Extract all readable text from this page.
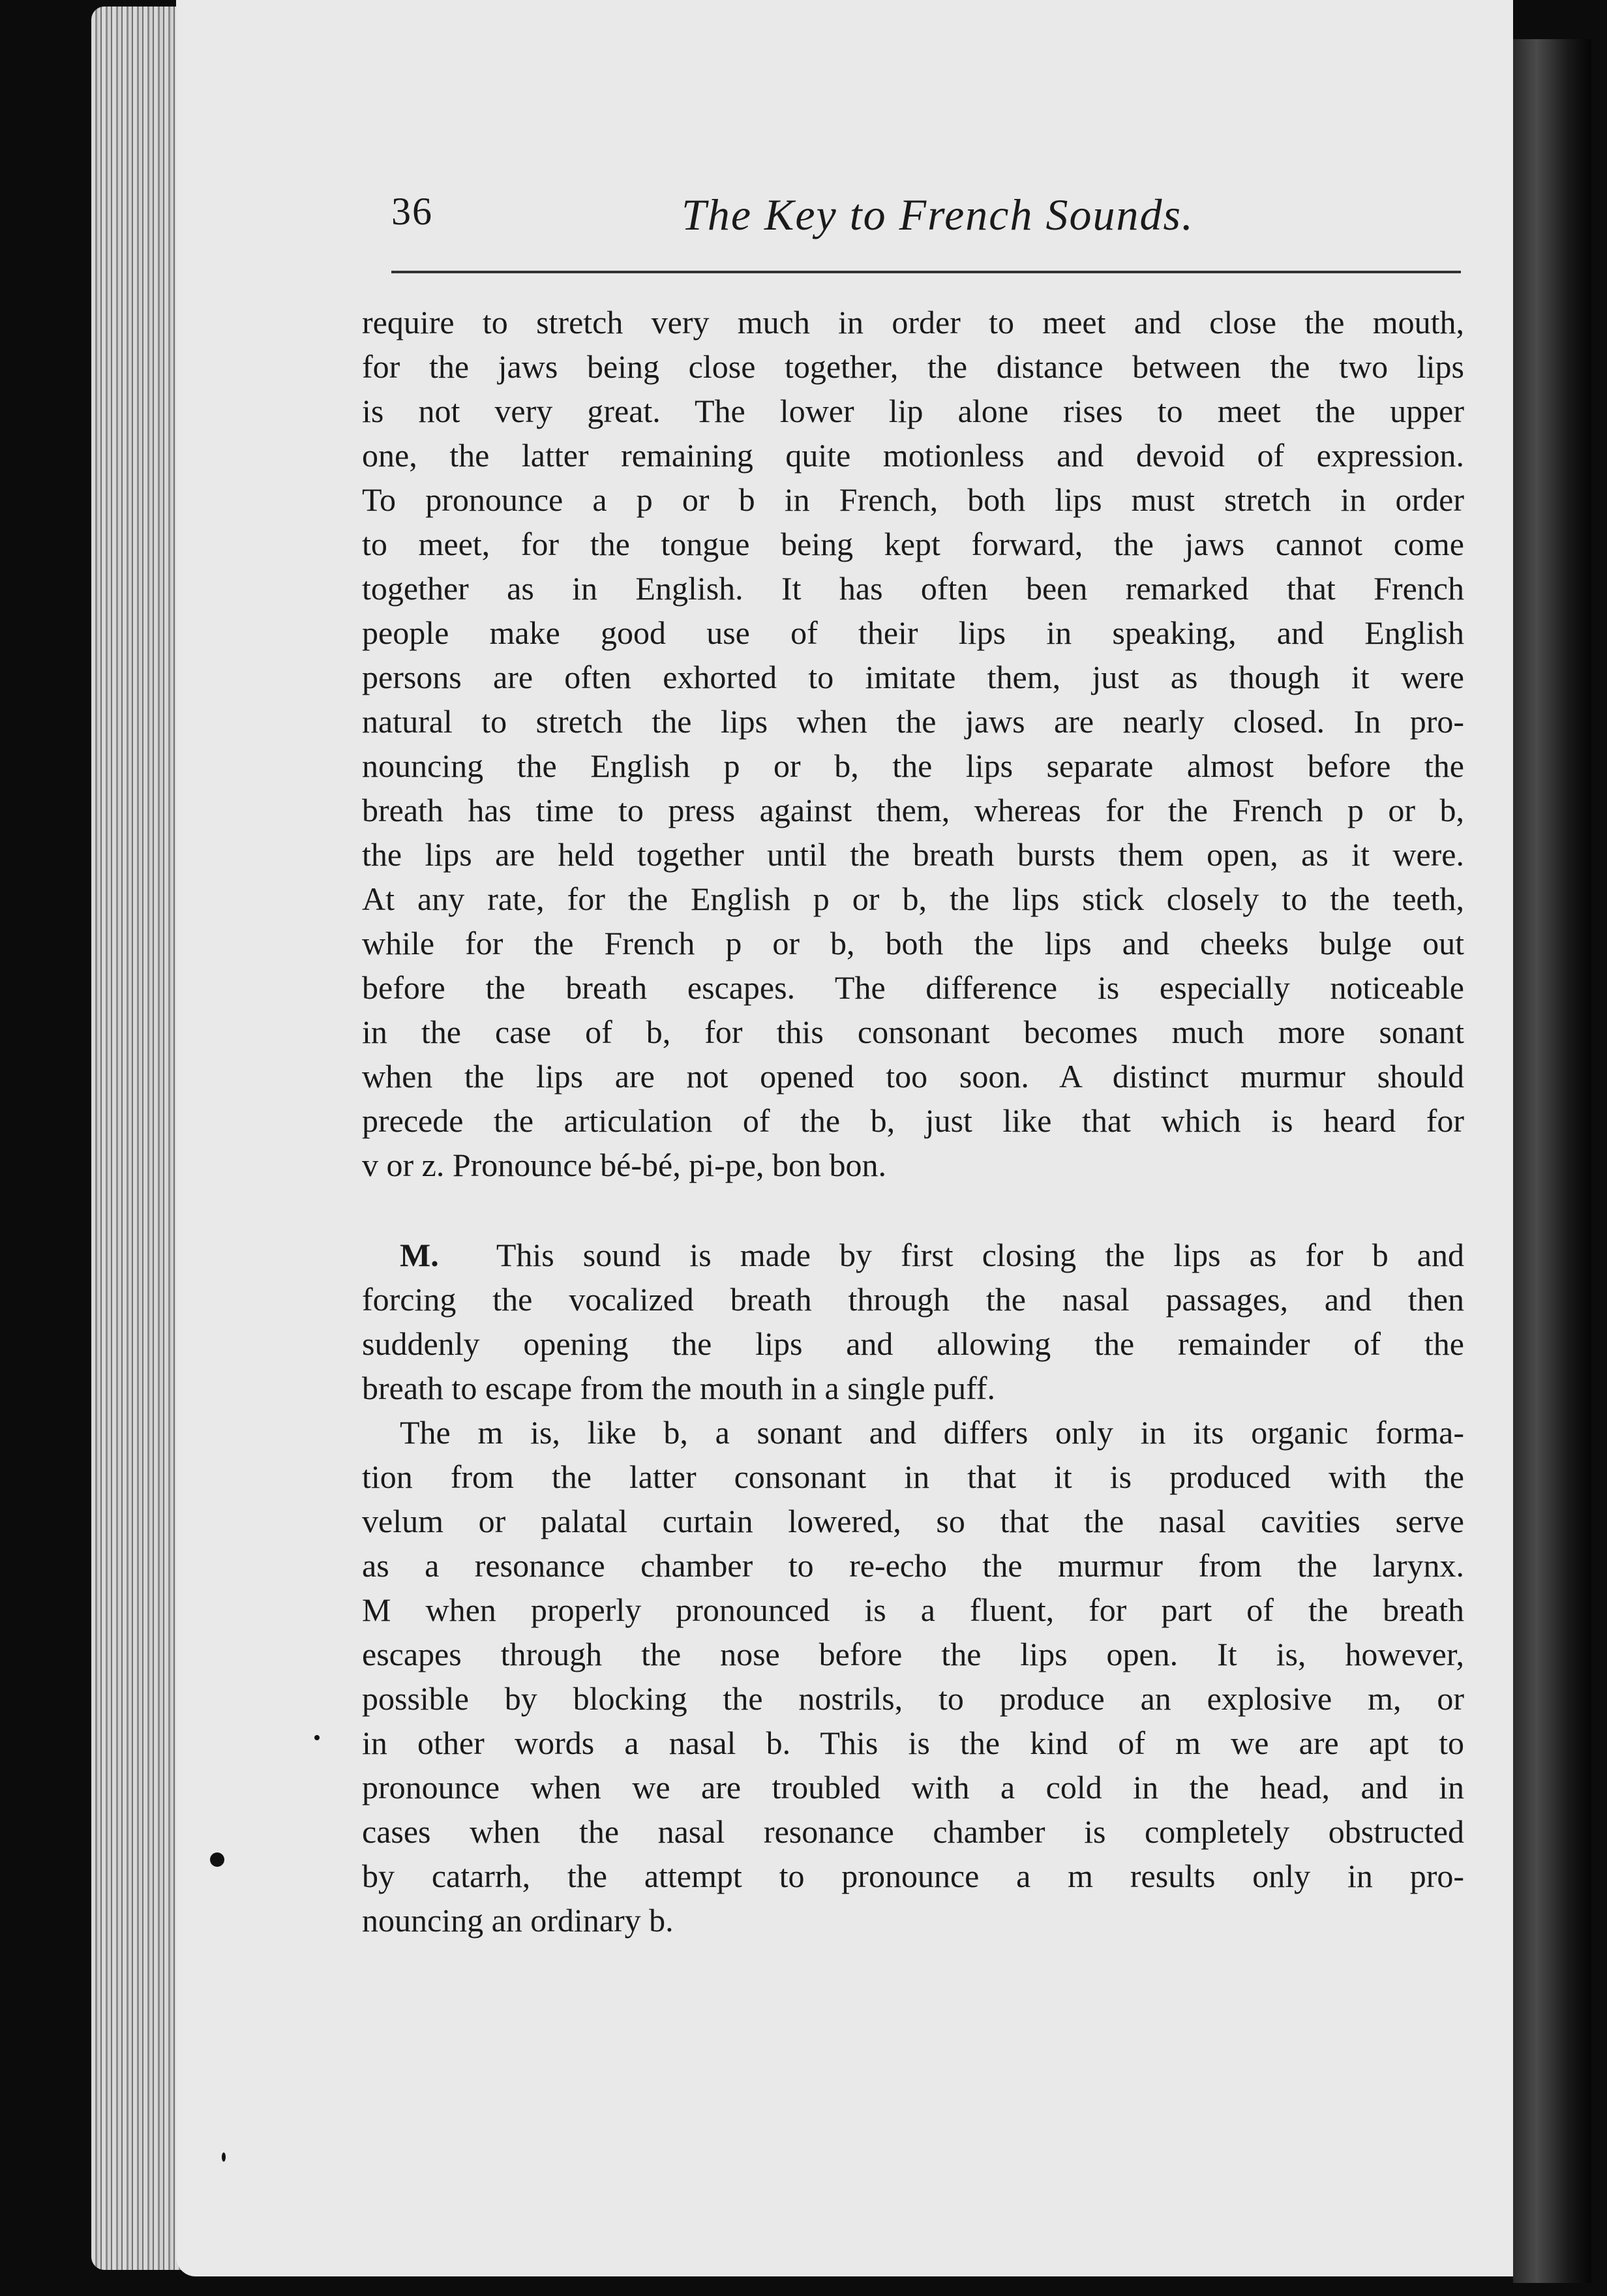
36	The Key to French Sounds.

require to stretch very much in order to meet and close the mouth,
for the jaws being close together, the distance between the two lips
is not very great. The lower lip alone rises to meet the upper
one, the latter remaining quite motionless and devoid of expression.
To pronounce a p or b in French, both lips must stretch in order
to meet, for the tongue being kept forward, the jaws cannot come
together as in English. It has often been remarked that French
people make good use of their lips in speaking, and English
persons are often exhorted to imitate them, just as though it were
natural to stretch the lips when the jaws are nearly closed. In pro-
nouncing the English p or b, the lips separate almost before the
breath has time to press against them, whereas for the French p or b,
the lips are held together until the breath bursts them open, as it were.
At any rate, for the English p or b, the lips stick closely to the teeth,
while for the French p or b, both the lips and cheeks bulge out
before the breath escapes. The difference is especially noticeable
in the case of b, for this consonant becomes much more sonant
when the lips are not opened too soon. A distinct murmur should
precede the articulation of the b, just like that which is heard for
v or z. Pronounce bé-bé, pi-pe, bon bon.

M. This sound is made by first closing the lips as for b and
forcing the vocalized breath through the nasal passages, and then
suddenly opening the lips and allowing the remainder of the
breath to escape from the mouth in a single puff.

The m is, like b, a sonant and differs only in its organic forma-
tion from the latter consonant in that it is produced with the
velum or palatal curtain lowered, so that the nasal cavities serve
as a resonance chamber to re-echo the murmur from the larynx.
M when properly pronounced is a fluent, for part of the breath
escapes through the nose before the lips open. It is, however,
possible by blocking the nostrils, to produce an explosive m, or
in other words a nasal b. This is the kind of m we are apt to
pronounce when we are troubled with a cold in the head, and in
cases when the nasal resonance chamber is completely obstructed
by catarrh, the attempt to pronounce a m results only in pro-
nouncing an ordinary b.
